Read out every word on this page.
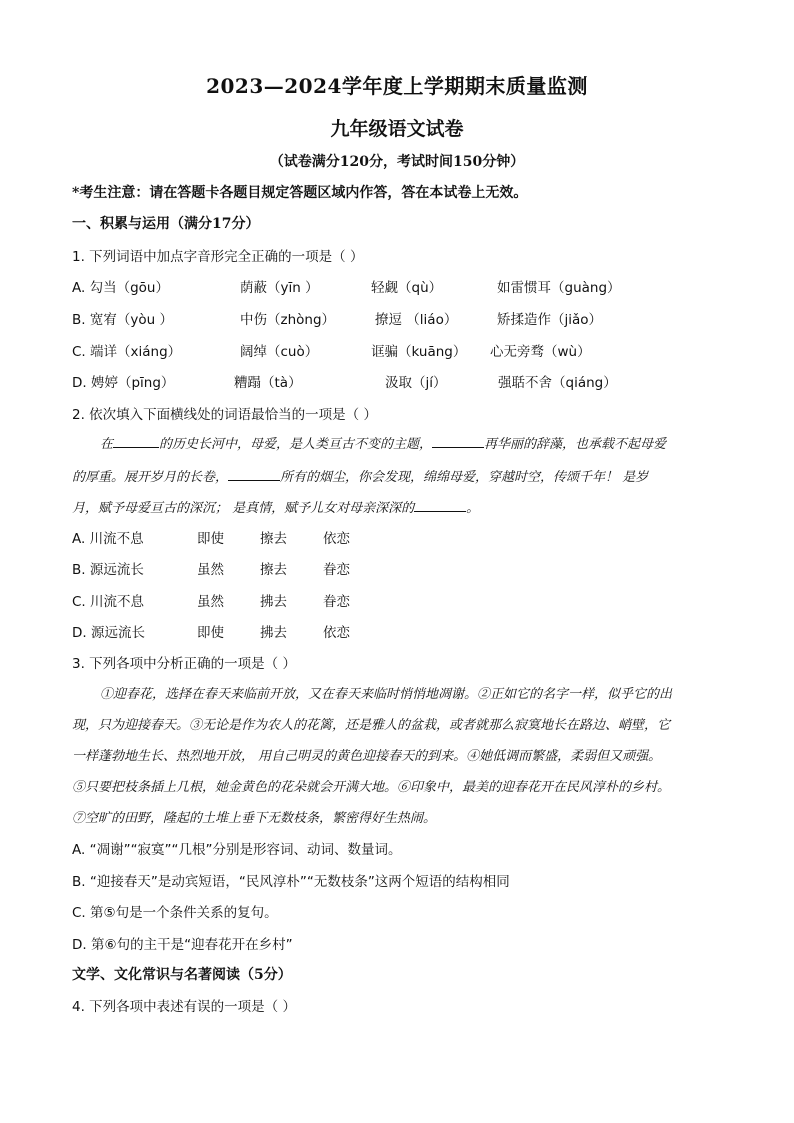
2023—2024学年度上学期期末质量监测
九年级语文试卷
（试卷满分120分，考试时间150分钟）
*考生注意：请在答题卡各题目规定答题区域内作答，答在本试卷上无效。
一、积累与运用（满分17分）
1. 下列词语中加点字音形完全正确的一项是（ ）
A. 勾当（gōu）	荫蔽（yīn ）	轻觑（qù）	如雷惯耳（guàng）
B. 宽宥（yòu ）	中伤（zhòng）	撩逗 （liáo）	矫揉造作（jiǎo）
C. 端详（xiáng）	阔绰（cuò）	诓骗（kuāng） 心无旁骛（wù）
D. 娉婷（pīng）	糟蹋（tà）	汲取（jí）	强聒不舍（qiáng）
2. 依次填入下面横线处的词语最恰当的一项是（ ）
在	的历史长河中，母爱，是人类亘古不变的主题，	再华丽的辞藻，也承载不起母爱
的厚重。展开岁月的长卷，	所有的烟尘，你会发现，绵绵母爱，穿越时空，传颂千年！ 是岁
月，赋予母爱亘古的深沉； 是真情，赋予儿女对母亲深深的	。
A. 川流不息	即使	擦去	依恋
B. 源远流长	虽然	擦去	眷恋
C. 川流不息	虽然	拂去	眷恋
D. 源远流长	即使	拂去	依恋
3. 下列各项中分析正确的一项是（ ）
①迎春花，选择在春天来临前开放，又在春天来临时悄悄地凋谢。②正如它的名字一样，似乎它的出
现，只为迎接春天。③无论是作为农人的花篱，还是雅人的盆栽，或者就那么寂寞地长在路边、峭壁，它
一样蓬勃地生长、热烈地开放， 用自己明灵的黄色迎接春天的到来。④她低调而繁盛，柔弱但又顽强。
⑤只要把枝条插上几根，她金黄色的花朵就会开满大地。⑥印象中，最美的迎春花开在民风淳朴的乡村。
⑦空旷的田野，隆起的土堆上垂下无数枝条，繁密得好生热闹。
A. “凋谢”“寂寞”“几根”分别是形容词、动词、数量词。
B. “迎接春天”是动宾短语，“民风淳朴”“无数枝条”这两个短语的结构相同
C. 第⑤句是一个条件关系的复句。
D. 第⑥句的主干是“迎春花开在乡村”
文学、文化常识与名著阅读（5分）
4. 下列各项中表述有误的一项是（ ）
